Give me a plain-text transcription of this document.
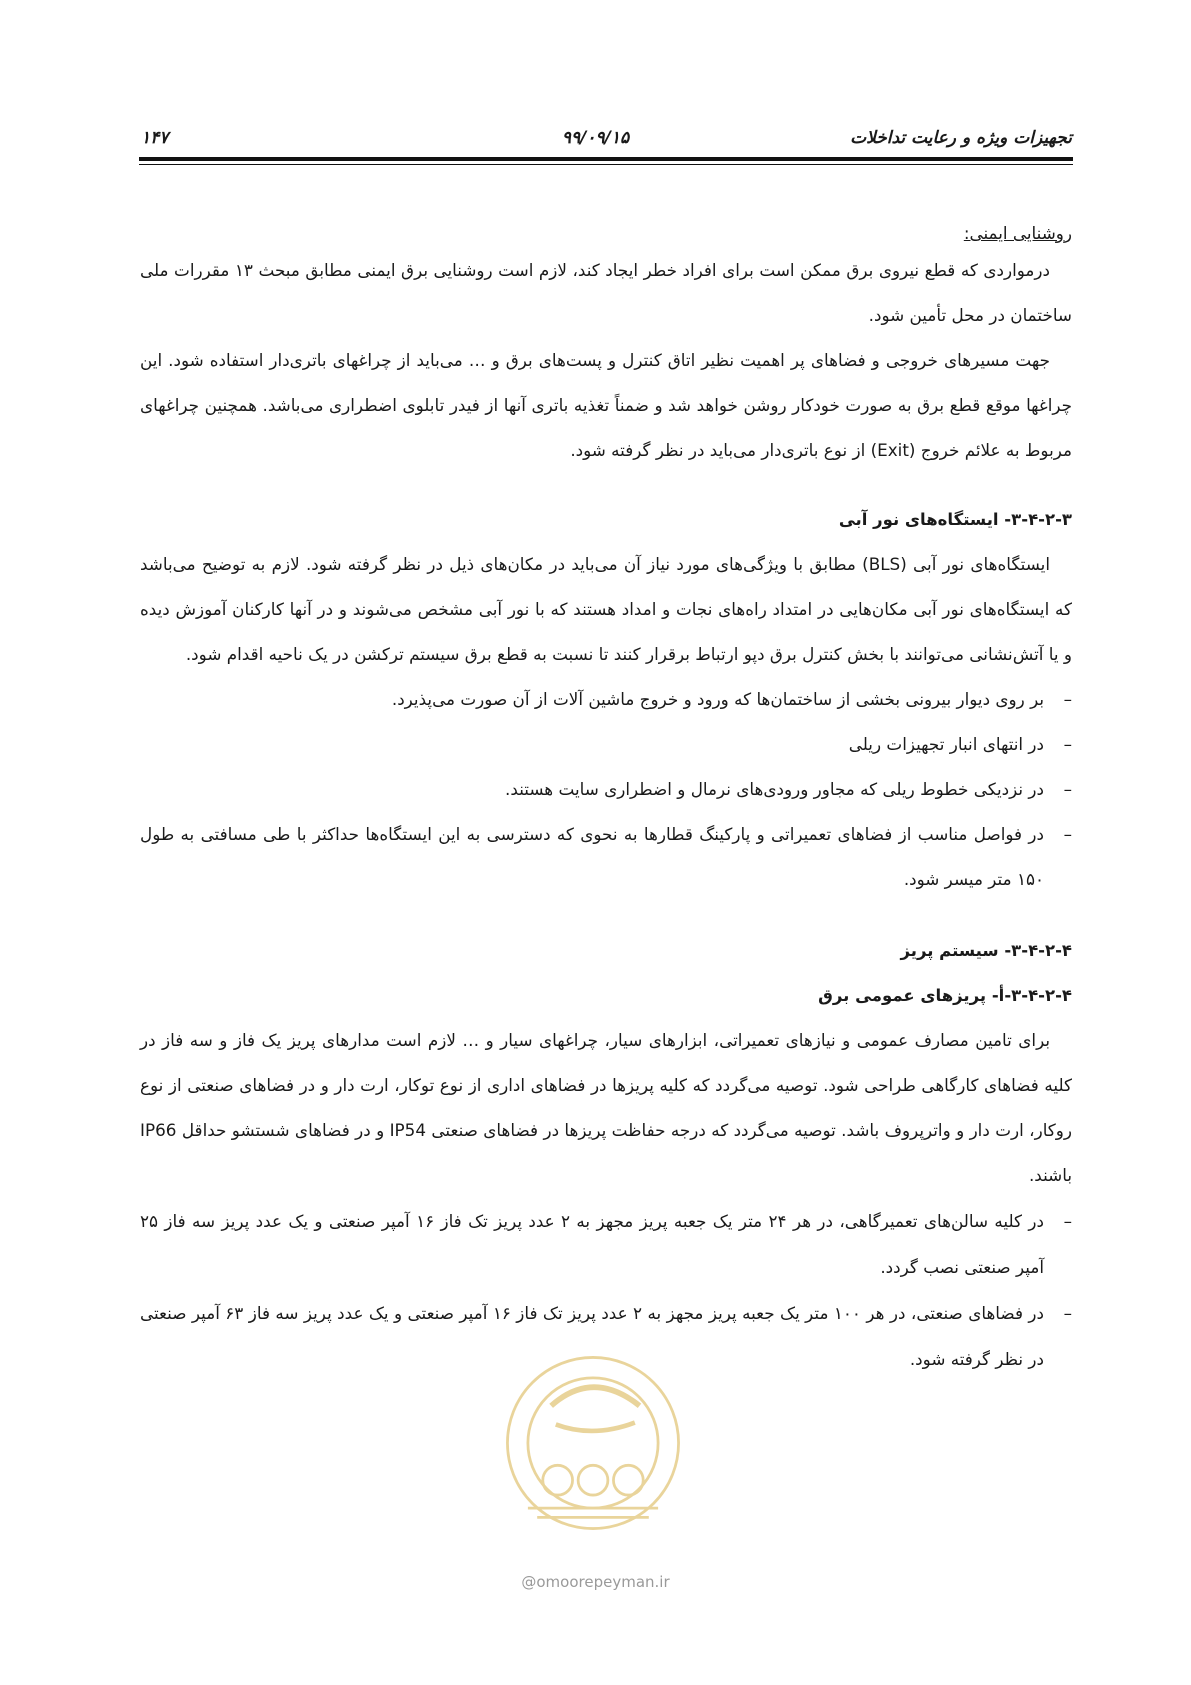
تجهیزات ویژه و رعایت تداخلات
۹۹/۰۹/۱۵
۱۴۷

روشنایی ایمنی:

درمواردی که قطع نیروی برق ممکن است برای افراد خطر ایجاد کند، لازم است روشنایی برق ایمنی مطابق مبحث ۱۳ مقررات ملی ساختمان در محل تأمین شود.

جهت مسیرهای خروجی و فضاهای پر اهمیت نظیر اتاق کنترل و پست‌های برق و … می‌باید از چراغهای باتری‌دار استفاده شود. این چراغها موقع قطع برق به صورت خودکار روشن خواهد شد و ضمناً تغذیه باتری آنها از فیدر تابلوی اضطراری می‌باشد. همچنین چراغهای مربوط به علائم خروج (Exit) از نوع باتری‌دار می‌باید در نظر گرفته شود.

۳-۴-۲-۳- ایستگاه‌های نور آبی

ایستگاه‌های نور آبی (BLS) مطابق با ویژگی‌های مورد نیاز آن می‌باید در مکان‌های ذیل در نظر گرفته شود. لازم به توضیح می‌باشد که ایستگاه‌های نور آبی مکان‌هایی در امتداد راه‌های نجات و امداد هستند که با نور آبی مشخص می‌شوند و در آنها کارکنان آموزش دیده و یا آتش‌نشانی می‌توانند با بخش کنترل برق دپو ارتباط برقرار کنند تا نسبت به قطع برق سیستم ترکشن در یک ناحیه اقدام شود.

–
بر روی دیوار بیرونی بخشی از ساختمان‌ها که ورود و خروج ماشین آلات از آن صورت می‌پذیرد.
–
در انتهای انبار تجهیزات ریلی
–
در نزدیکی خطوط ریلی که مجاور ورودی‌های نرمال و اضطراری سایت هستند.
–
در فواصل مناسب از فضاهای تعمیراتی و پارکینگ قطارها به نحوی که دسترسی به این ایستگاه‌ها حداکثر با طی مسافتی به طول ۱۵۰ متر میسر شود.

۳-۴-۲-۴- سیستم پریز

۳-۴-۲-۴-أ- پریزهای عمومی برق

برای تامین مصارف عمومی و نیازهای تعمیراتی، ابزارهای سیار، چراغهای سیار و … لازم است مدارهای پریز یک فاز و سه فاز در کلیه فضاهای کارگاهی طراحی شود. توصیه می‌گردد که کلیه پریزها در فضاهای اداری از نوع توکار، ارت دار و در فضاهای صنعتی از نوع روکار، ارت دار و واترپروف باشد. توصیه می‌گردد که درجه حفاظت پریزها در فضاهای صنعتی IP54 و در فضاهای شستشو حداقل IP66 باشند.

–
در کلیه سالن‌های تعمیرگاهی، در هر ۲۴ متر یک جعبه پریز مجهز به ۲ عدد پریز تک فاز ۱۶ آمپر صنعتی و یک عدد پریز سه فاز ۲۵ آمپر صنعتی نصب گردد.
–
در فضاهای صنعتی، در هر ۱۰۰ متر یک جعبه پریز مجهز به ۲ عدد پریز تک فاز ۱۶ آمپر صنعتی و یک عدد پریز سه فاز ۶۳ آمپر صنعتی در نظر گرفته شود.
@omoorepeyman.ir
